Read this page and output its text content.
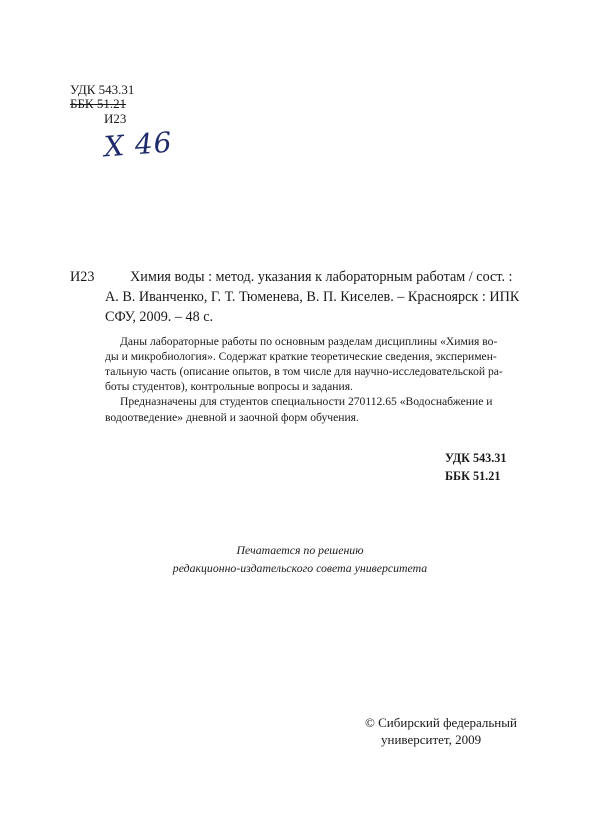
УДК 543.31
ББК 51.21
И23
Х 46
И23	Химия воды : метод. указания к лабораторным работам / сост. :
А. В. Иванченко, Г. Т. Тюменева, В. П. Киселев. – Красноярск : ИПК
СФУ, 2009. – 48 с.
Даны лабораторные работы по основным разделам дисциплины «Химия во-
ды и микробиология». Содержат краткие теоретические сведения, эксперимен-
тальную часть (описание опытов, в том числе для научно-исследовательской ра-
боты студентов), контрольные вопросы и задания.
Предназначены для студентов специальности 270112.65 «Водоснабжение и
водоотведение» дневной и заочной форм обучения.
УДК 543.31
ББК 51.21
Печатается по решению
редакционно-издательского совета университета
© Сибирский федеральный
университет, 2009
